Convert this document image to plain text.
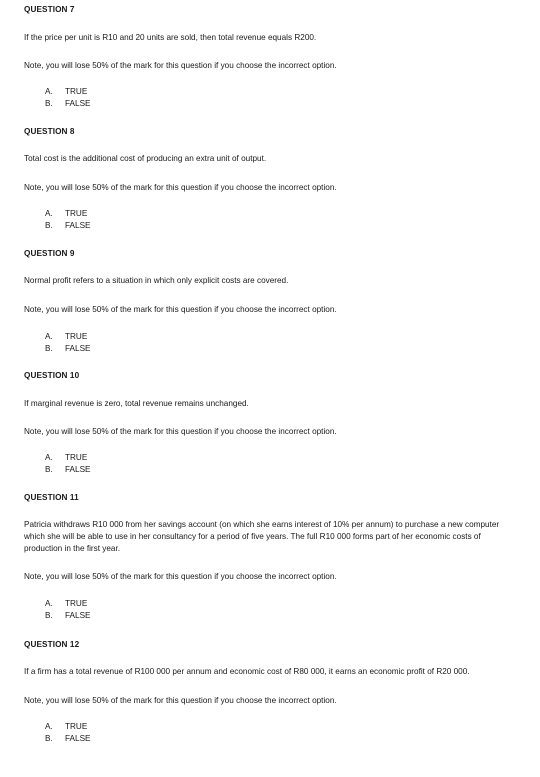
QUESTION 7

If the price per unit is R10 and 20 units are sold, then total revenue equals R200.

Note, you will lose 50% of the mark for this question if you choose the incorrect option.

A.	TRUE
B.	FALSE

QUESTION 8

Total cost is the additional cost of producing an extra unit of output.

Note, you will lose 50% of the mark for this question if you choose the incorrect option.

A.	TRUE
B.	FALSE

QUESTION 9

Normal profit refers to a situation in which only explicit costs are covered.

Note, you will lose 50% of the mark for this question if you choose the incorrect option.

A.	TRUE
B.	FALSE

QUESTION 10

If marginal revenue is zero, total revenue remains unchanged.

Note, you will lose 50% of the mark for this question if you choose the incorrect option.

A.	TRUE
B.	FALSE

QUESTION 11

Patricia withdraws R10 000 from her savings account (on which she earns interest of 10% per annum) to purchase a new computer which she will be able to use in her consultancy for a period of five years. The full R10 000 forms part of her economic costs of production in the first year.

Note, you will lose 50% of the mark for this question if you choose the incorrect option.

A.	TRUE
B.	FALSE

QUESTION 12

If a firm has a total revenue of R100 000 per annum and economic cost of R80 000, it earns an economic profit of R20 000.

Note, you will lose 50% of the mark for this question if you choose the incorrect option.

A.	TRUE
B.	FALSE
